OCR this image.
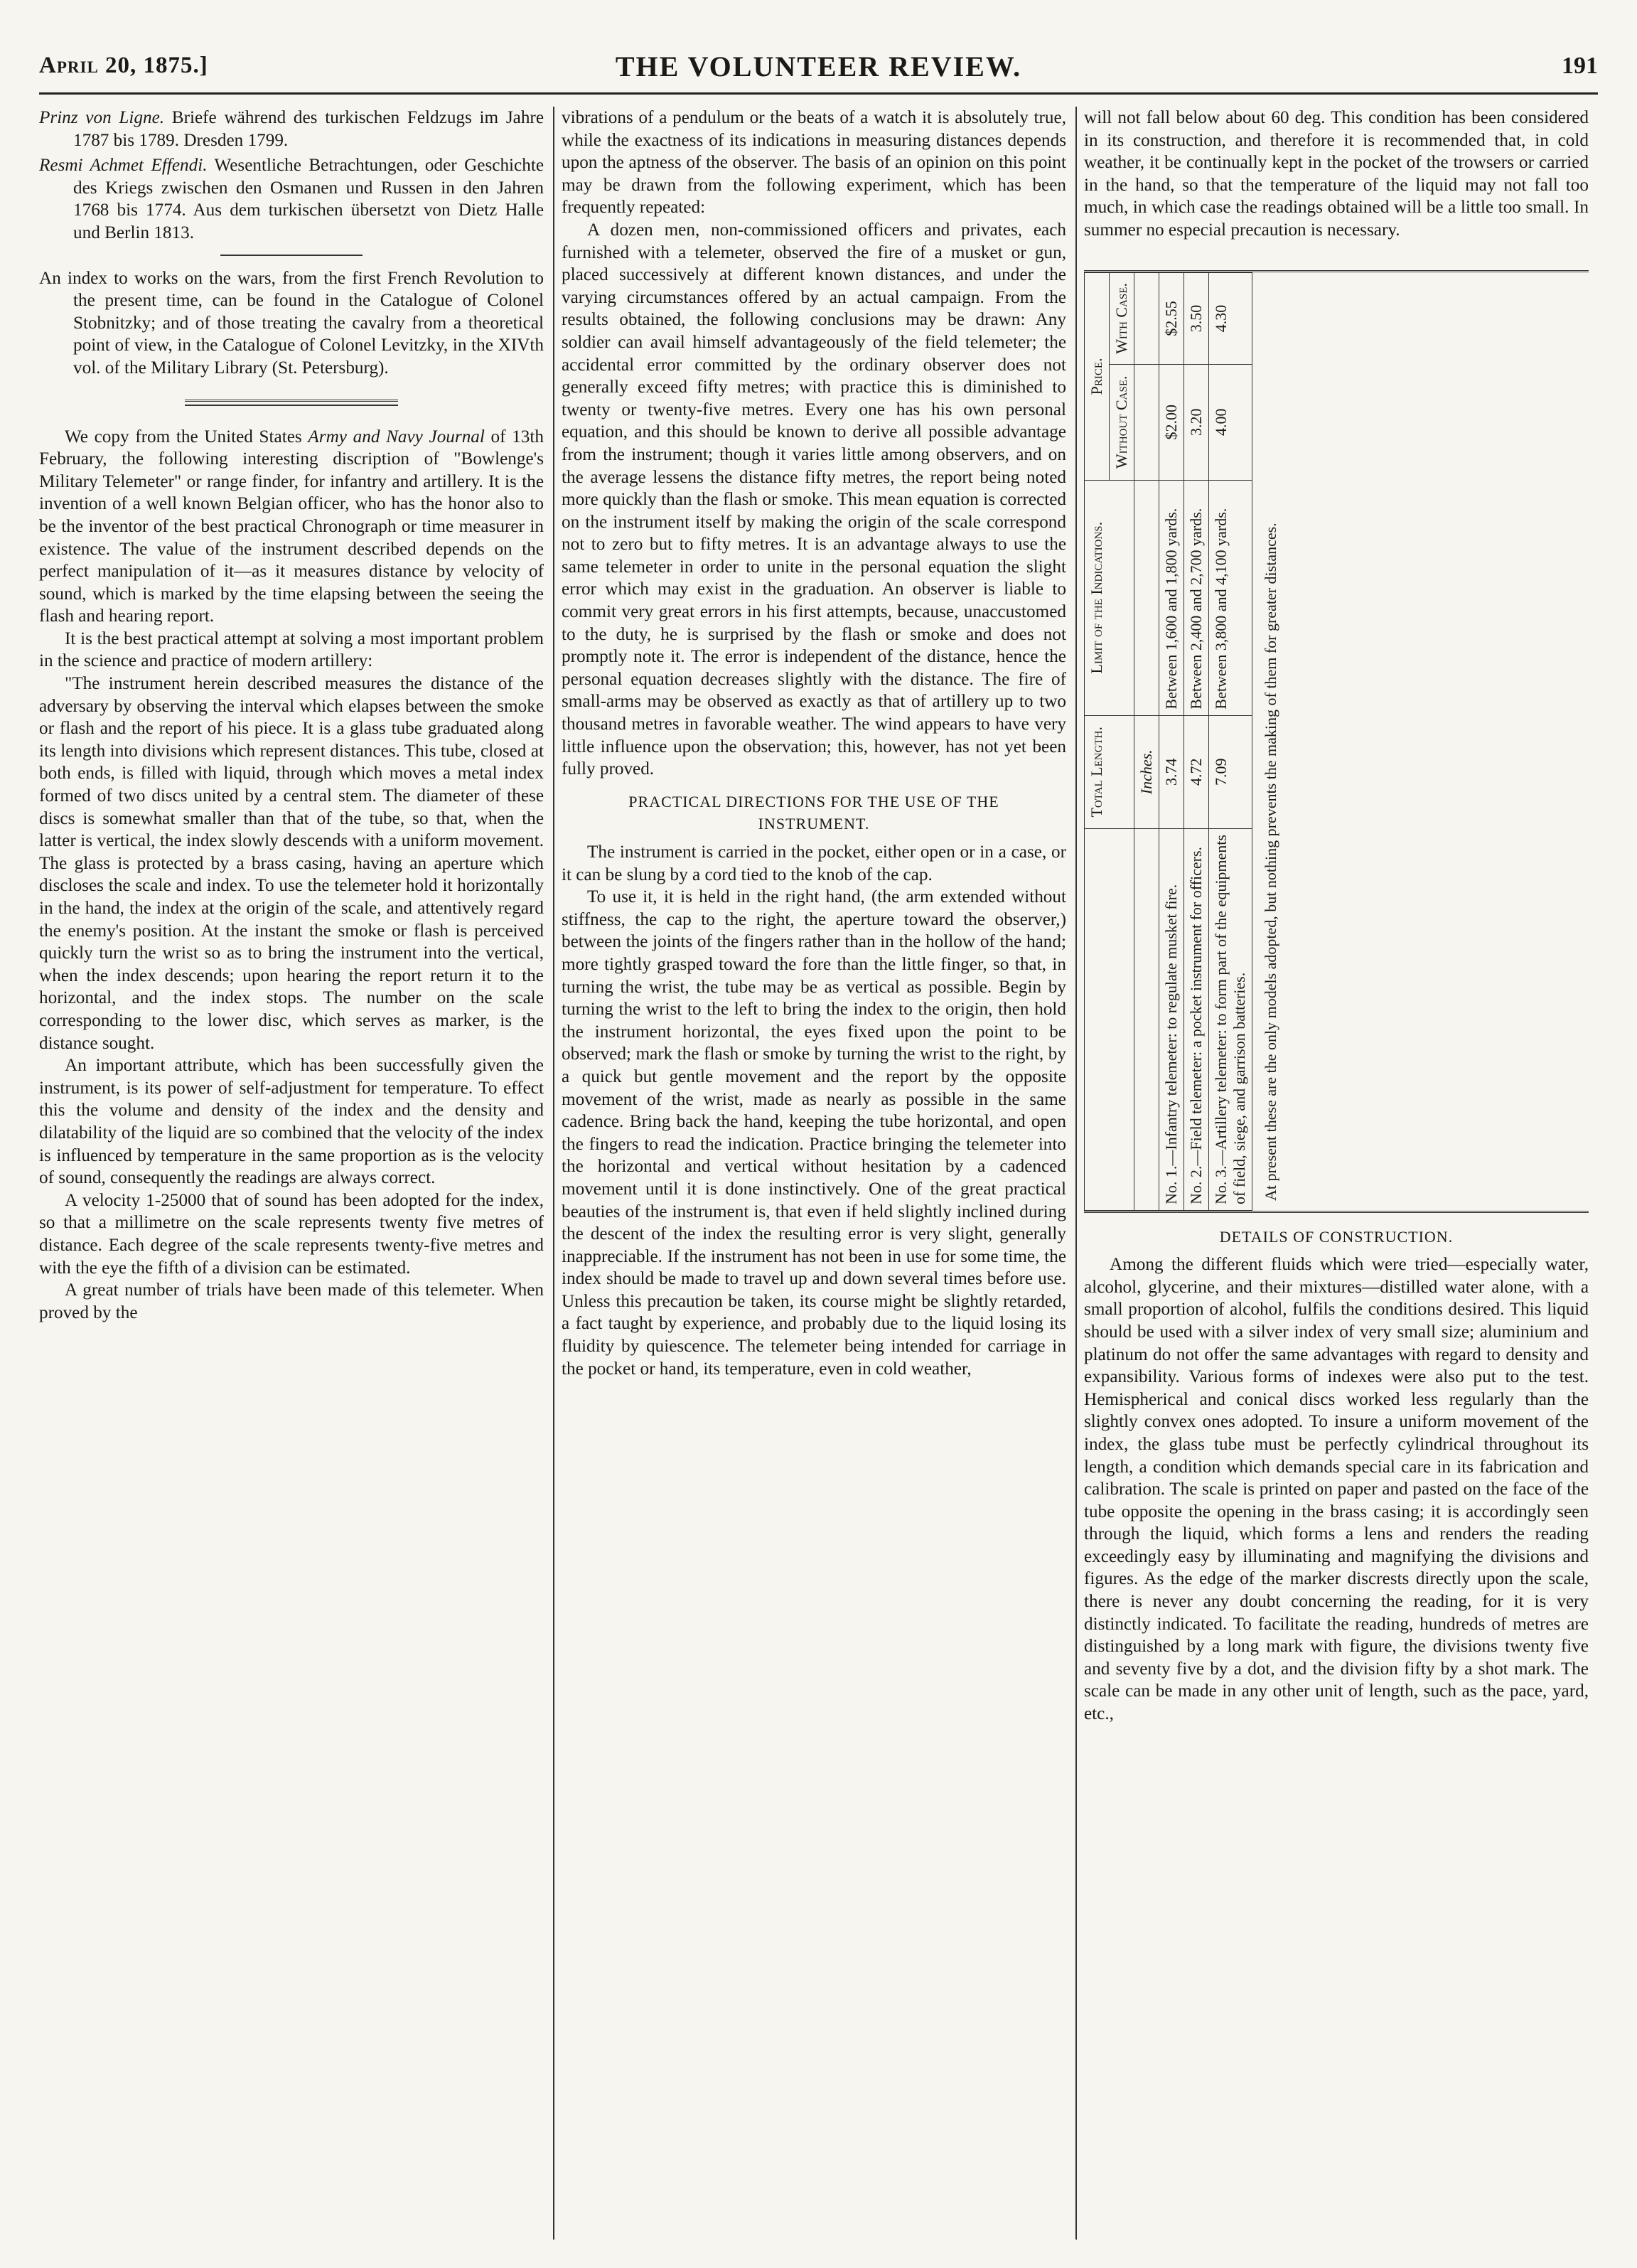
April 20, 1875.]	THE VOLUNTEER REVIEW.	191
Prinz von Ligne. Briefe während des turkischen Feldzugs im Jahre 1787 bis 1789. Dresden 1799.
Resmi Achmet Effendi. Wesentliche Betrachtungen, oder Geschichte des Kriegs zwischen den Osmanen und Russen in den Jahren 1768 bis 1774. Aus dem turkischen übersetzt von Dietz Halle und Berlin 1813.
An index to works on the wars, from the first French Revolution to the present time, can be found in the Catalogue of Colonel Stobnitzky; and of those treating the cavalry from a theoretical point of view, in the Catalogue of Colonel Levitzky, in the XIVth vol. of the Military Library (St. Petersburg).

We copy from the United States Army and Navy Journal of 13th February, the following interesting discription of "Bowlenge's Military Telemeter" or range finder, for infantry and artillery. It is the invention of a well known Belgian officer, who has the honor also to be the inventor of the best practical Chronograph or time measurer in existence. The value of the instrument described depends on the perfect manipulation of it—as it measures distance by velocity of sound, which is marked by the time elapsing between the seeing the flash and hearing report.

It is the best practical attempt at solving a most important problem in the science and practice of modern artillery:

"The instrument herein described measures the distance of the adversary by observing the interval which elapses between the smoke or flash and the report of his piece. It is a glass tube graduated along its length into divisions which represent distances. This tube, closed at both ends, is filled with liquid, through which moves a metal index formed of two discs united by a central stem. The diameter of these discs is somewhat smaller than that of the tube, so that, when the latter is vertical, the index slowly descends with a uniform movement. The glass is protected by a brass casing, having an aperture which discloses the scale and index. To use the telemeter hold it horizontally in the hand, the index at the origin of the scale, and attentively regard the enemy's position. At the instant the smoke or flash is perceived quickly turn the wrist so as to bring the instrument into the vertical, when the index descends; upon hearing the report return it to the horizontal, and the index stops. The number on the scale corresponding to the lower disc, which serves as marker, is the distance sought.

An important attribute, which has been successfully given the instrument, is its power of self-adjustment for temperature. To effect this the volume and density of the index and the density and dilatability of the liquid are so combined that the velocity of the index is influenced by temperature in the same proportion as is the velocity of sound, consequently the readings are always correct.

A velocity 1-25000 that of sound has been adopted for the index, so that a millimetre on the scale represents twenty five metres of distance. Each degree of the scale represents twenty-five metres and with the eye the fifth of a division can be estimated.

A great number of trials have been made of this telemeter. When proved by the

vibrations of a pendulum or the beats of a watch it is absolutely true, while the exactness of its indications in measuring distances depends upon the aptness of the observer. The basis of an opinion on this point may be drawn from the following experiment, which has been frequently repeated:

A dozen men, non-commissioned officers and privates, each furnished with a telemeter, observed the fire of a musket or gun, placed successively at different known distances, and under the varying circumstances offered by an actual campaign. From the results obtained, the following conclusions may be drawn: Any soldier can avail himself advantageously of the field telemeter; the accidental error committed by the ordinary observer does not generally exceed fifty metres; with practice this is diminished to twenty or twenty-five metres. Every one has his own personal equation, and this should be known to derive all possible advantage from the instrument; though it varies little among observers, and on the average lessens the distance fifty metres, the report being noted more quickly than the flash or smoke. This mean equation is corrected on the instrument itself by making the origin of the scale correspond not to zero but to fifty metres. It is an advantage always to use the same telemeter in order to unite in the personal equation the slight error which may exist in the graduation. An observer is liable to commit very great errors in his first attempts, because, unaccustomed to the duty, he is surprised by the flash or smoke and does not promptly note it. The error is independent of the distance, hence the personal equation decreases slightly with the distance. The fire of small-arms may be observed as exactly as that of artillery up to two thousand metres in favorable weather. The wind appears to have very little influence upon the observation; this, however, has not yet been fully proved.

PRACTICAL DIRECTIONS FOR THE USE OF THE
INSTRUMENT.

The instrument is carried in the pocket, either open or in a case, or it can be slung by a cord tied to the knob of the cap.

To use it, it is held in the right hand, (the arm extended without stiffness, the cap to the right, the aperture toward the observer,) between the joints of the fingers rather than in the hollow of the hand; more tightly grasped toward the fore than the little finger, so that, in turning the wrist, the tube may be as vertical as possible. Begin by turning the wrist to the left to bring the index to the origin, then hold the instrument horizontal, the eyes fixed upon the point to be observed; mark the flash or smoke by turning the wrist to the right, by a quick but gentle movement and the report by the opposite movement of the wrist, made as nearly as possible in the same cadence. Bring back the hand, keeping the tube horizontal, and open the fingers to read the indication. Practice bringing the telemeter into the horizontal and vertical without hesitation by a cadenced movement until it is done instinctively. One of the great practical beauties of the instrument is, that even if held slightly inclined during the descent of the index the resulting error is very slight, generally inappreciable. If the instrument has not been in use for some time, the index should be made to travel up and down several times before use. Unless this precaution be taken, its course might be slightly retarded, a fact taught by experience, and probably due to the liquid losing its fluidity by quiescence. The telemeter being intended for carriage in the pocket or hand, its temperature, even in cold weather,

will not fall below about 60 deg. This condition has been considered in its construction, and therefore it is recommended that, in cold weather, it be continually kept in the pocket of the trowsers or carried in the hand, so that the temperature of the liquid may not fall too much, in which case the readings obtained will be a little too small. In summer no especial precaution is necessary.

	Total Length.	Limit of the Indications.	Price.	
			Without Case.	With Case.
	Inches.			
No. 1.—Infantry telemeter: to regulate musket fire.	3.74	Between 1,600 and 1,800 yards.	$2.00	$2.55
No. 2.—Field telemeter: a pocket instrument for officers.	4.72	Between 2,400 and 2,700 yards.	3.20	3.50
No. 3.—Artillery telemeter: to form part of the equipments of field, siege, and garrison batteries.	7.09	Between 3,800 and 4,100 yards.	4.00	4.30
At present these are the only models adopted, but nothing prevents the making of them for greater distances.
DETAILS OF CONSTRUCTION.

Among the different fluids which were tried—especially water, alcohol, glycerine, and their mixtures—distilled water alone, with a small proportion of alcohol, fulfils the conditions desired. This liquid should be used with a silver index of very small size; aluminium and platinum do not offer the same advantages with regard to density and expansibility. Various forms of indexes were also put to the test. Hemispherical and conical discs worked less regularly than the slightly convex ones adopted. To insure a uniform movement of the index, the glass tube must be perfectly cylindrical throughout its length, a condition which demands special care in its fabrication and calibration. The scale is printed on paper and pasted on the face of the tube opposite the opening in the brass casing; it is accordingly seen through the liquid, which forms a lens and renders the reading exceedingly easy by illuminating and magnifying the divisions and figures. As the edge of the marker discrests directly upon the scale, there is never any doubt concerning the reading, for it is very distinctly indicated. To facilitate the reading, hundreds of metres are distinguished by a long mark with figure, the divisions twenty five and seventy five by a dot, and the division fifty by a shot mark. The scale can be made in any other unit of length, such as the pace, yard, etc.,
